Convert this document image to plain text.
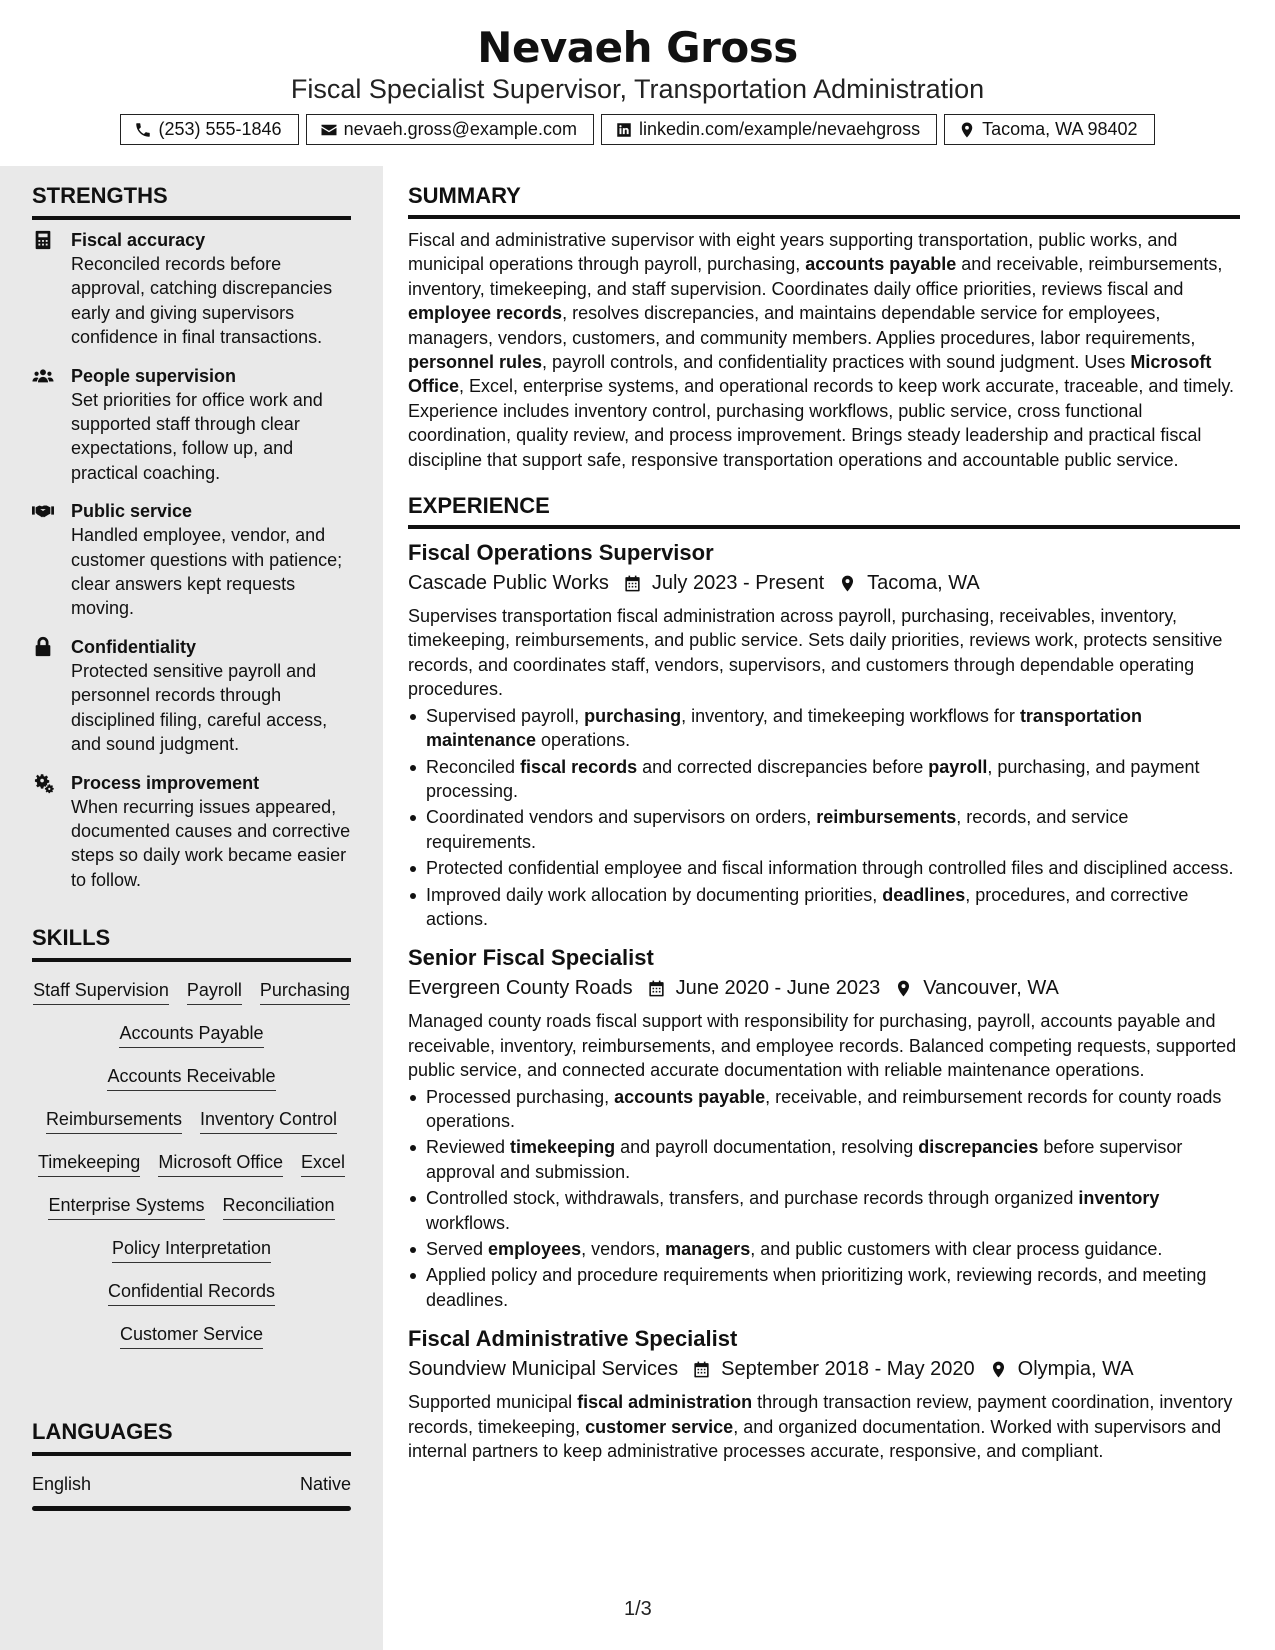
Nevaeh Gross
Fiscal Specialist Supervisor, Transportation Administration
(253) 555-1846	nevaeh.gross@example.com	linkedin.com/example/nevaehgross	Tacoma, WA 98402
STRENGTHS
Fiscal accuracy
Reconciled records before approval, catching discrepancies early and giving supervisors confidence in final transactions.
People supervision
Set priorities for office work and supported staff through clear expectations, follow up, and practical coaching.
Public service
Handled employee, vendor, and customer questions with patience; clear answers kept requests moving.
Confidentiality
Protected sensitive payroll and personnel records through disciplined filing, careful access, and sound judgment.
Process improvement
When recurring issues appeared, documented causes and corrective steps so daily work became easier to follow.
SKILLS
Staff Supervision Payroll Purchasing
Accounts Payable
Accounts Receivable
Reimbursements Inventory Control
Timekeeping Microsoft Office Excel
Enterprise Systems Reconciliation
Policy Interpretation
Confidential Records
Customer Service
LANGUAGES
English	Native
SUMMARY

Fiscal and administrative supervisor with eight years supporting transportation, public works, and municipal operations through payroll, purchasing, accounts payable and receivable, reimbursements, inventory, timekeeping, and staff supervision. Coordinates daily office priorities, reviews fiscal and employee records, resolves discrepancies, and maintains dependable service for employees, managers, vendors, customers, and community members. Applies procedures, labor requirements, personnel rules, payroll controls, and confidentiality practices with sound judgment. Uses Microsoft Office, Excel, enterprise systems, and operational records to keep work accurate, traceable, and timely. Experience includes inventory control, purchasing workflows, public service, cross functional coordination, quality review, and process improvement. Brings steady leadership and practical fiscal discipline that support safe, responsive transportation operations and accountable public service.

EXPERIENCE
Fiscal Operations Supervisor
Cascade Public Works July 2023 - Present Tacoma, WA

Supervises transportation fiscal administration across payroll, purchasing, receivables, inventory, timekeeping, reimbursements, and public service. Sets daily priorities, reviews work, protects sensitive records, and coordinates staff, vendors, supervisors, and customers through dependable operating procedures.

Supervised payroll, purchasing, inventory, and timekeeping workflows for transportation maintenance operations.
Reconciled fiscal records and corrected discrepancies before payroll, purchasing, and payment processing.
Coordinated vendors and supervisors on orders, reimbursements, records, and service requirements.
Protected confidential employee and fiscal information through controlled files and disciplined access.
Improved daily work allocation by documenting priorities, deadlines, procedures, and corrective actions.
Senior Fiscal Specialist
Evergreen County Roads June 2020 - June 2023 Vancouver, WA

Managed county roads fiscal support with responsibility for purchasing, payroll, accounts payable and receivable, inventory, reimbursements, and employee records. Balanced competing requests, supported public service, and connected accurate documentation with reliable maintenance operations.

Processed purchasing, accounts payable, receivable, and reimbursement records for county roads operations.
Reviewed timekeeping and payroll documentation, resolving discrepancies before supervisor approval and submission.
Controlled stock, withdrawals, transfers, and purchase records through organized inventory workflows.
Served employees, vendors, managers, and public customers with clear process guidance.
Applied policy and procedure requirements when prioritizing work, reviewing records, and meeting deadlines.
Fiscal Administrative Specialist
Soundview Municipal Services September 2018 - May 2020 Olympia, WA

Supported municipal fiscal administration through transaction review, payment coordination, inventory records, timekeeping, customer service, and organized documentation. Worked with supervisors and internal partners to keep administrative processes accurate, responsive, and compliant.

1/3
